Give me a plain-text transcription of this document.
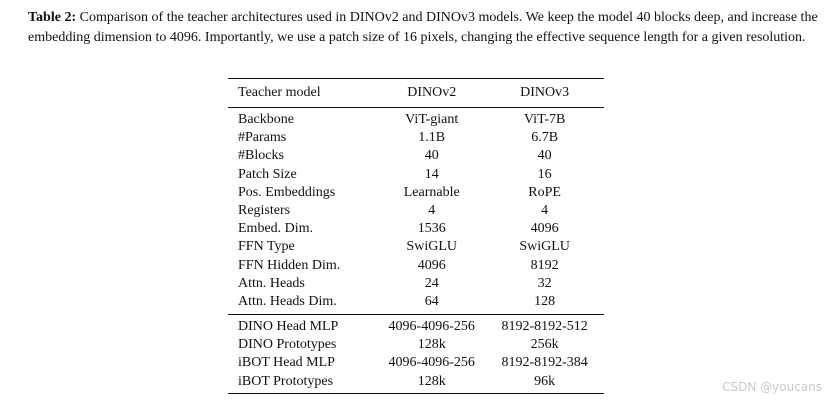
Table 2: Comparison of the teacher architectures used in DINOv2 and DINOv3 models. We keep the model 40 blocks deep, and increase the embedding dimension to 4096. Importantly, we use a patch size of 16 pixels, changing the effective sequence length for a given resolution.
Teacher model	DINOv2	DINOv3
Backbone	ViT-giant	ViT-7B
#Params	1.1B	6.7B
#Blocks	40	40
Patch Size	14	16
Pos. Embeddings	Learnable	RoPE
Registers	4	4
Embed. Dim.	1536	4096
FFN Type	SwiGLU	SwiGLU
FFN Hidden Dim.	4096	8192
Attn. Heads	24	32
Attn. Heads Dim.	64	128
DINO Head MLP	4096-4096-256	8192-8192-512
DINO Prototypes	128k	256k
iBOT Head MLP	4096-4096-256	8192-8192-384
iBOT Prototypes	128k	96k	CSDN @youcans
